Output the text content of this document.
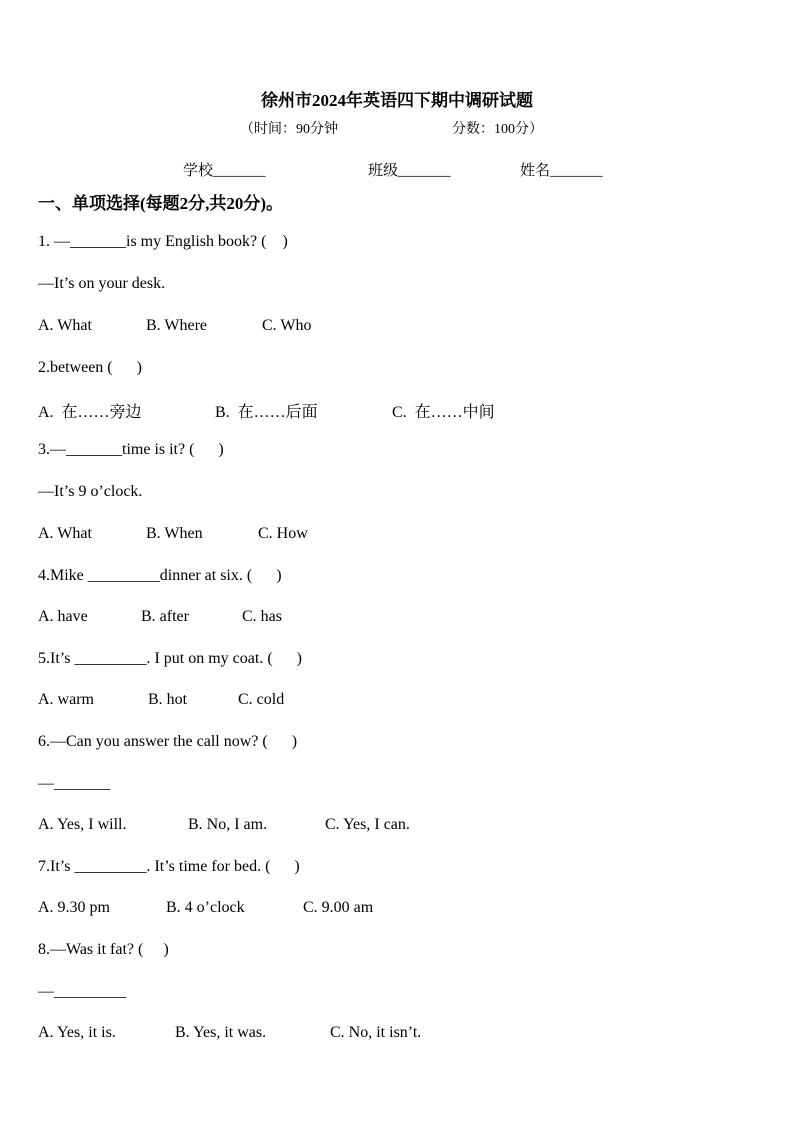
徐州市2024年英语四下期中调研试题
（时间：90分钟	分数：100分）
学校_______	班级_______	姓名_______
一、单项选择(每题2分,共20分)。
1. —_______is my English book? (    )
—It’s on your desk.
A. What	B. Where	C. Who
2.between (      )
A.  在……旁边	B.  在……后面	C.  在……中间
3.—_______time is it? (      )
—It’s 9 o’clock.
A. What	B. When	C. How
4.Mike _________dinner at six. (      )
A. have	B. after	C. has
5.It’s _________. I put on my coat. (      )
A. warm	B. hot	C. cold
6.—Can you answer the call now? (      )
—_______
A. Yes, I will.	B. No, I am.	C. Yes, I can.
7.It’s _________. It’s time for bed. (      )
A. 9.30 pm	B. 4 o’clock	C. 9.00 am
8.—Was it fat? (     )
—_________
A. Yes, it is.	B. Yes, it was.	C. No, it isn’t.
